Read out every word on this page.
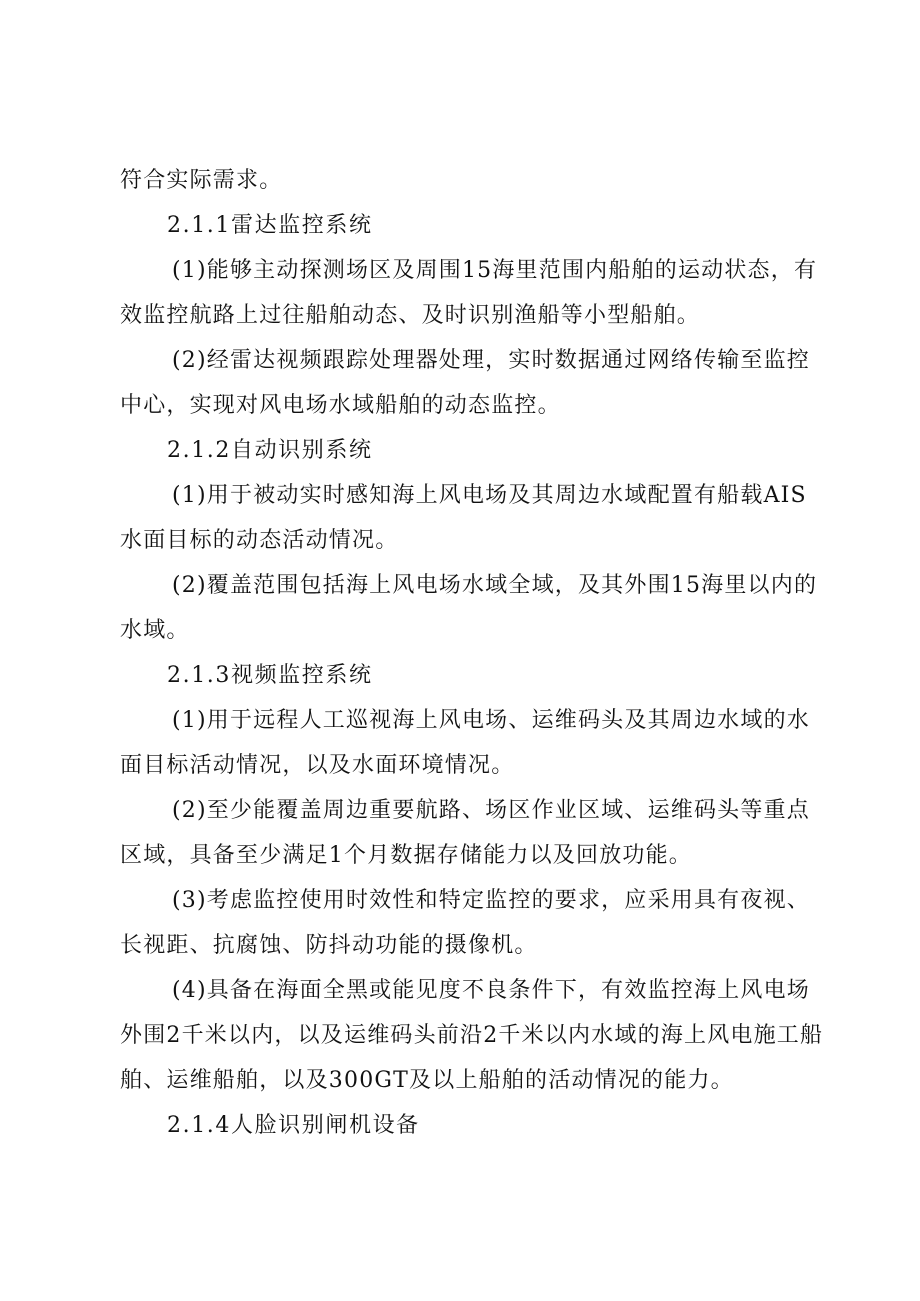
符合实际需求。
2.1.1雷达监控系统
(1)能够主动探测场区及周围15海里范围内船舶的运动状态，有
效监控航路上过往船舶动态、及时识别渔船等小型船舶。
(2)经雷达视频跟踪处理器处理，实时数据通过网络传输至监控
中心，实现对风电场水域船舶的动态监控。
2.1.2自动识别系统
(1)用于被动实时感知海上风电场及其周边水域配置有船载AIS
水面目标的动态活动情况。
(2)覆盖范围包括海上风电场水域全域，及其外围15海里以内的
水域。
2.1.3视频监控系统
(1)用于远程人工巡视海上风电场、运维码头及其周边水域的水
面目标活动情况，以及水面环境情况。
(2)至少能覆盖周边重要航路、场区作业区域、运维码头等重点
区域，具备至少满足1个月数据存储能力以及回放功能。
(3)考虑监控使用时效性和特定监控的要求，应采用具有夜视、
长视距、抗腐蚀、防抖动功能的摄像机。
(4)具备在海面全黑或能见度不良条件下，有效监控海上风电场
外围2千米以内，以及运维码头前沿2千米以内水域的海上风电施工船
舶、运维船舶，以及300GT及以上船舶的活动情况的能力。
2.1.4人脸识别闸机设备
